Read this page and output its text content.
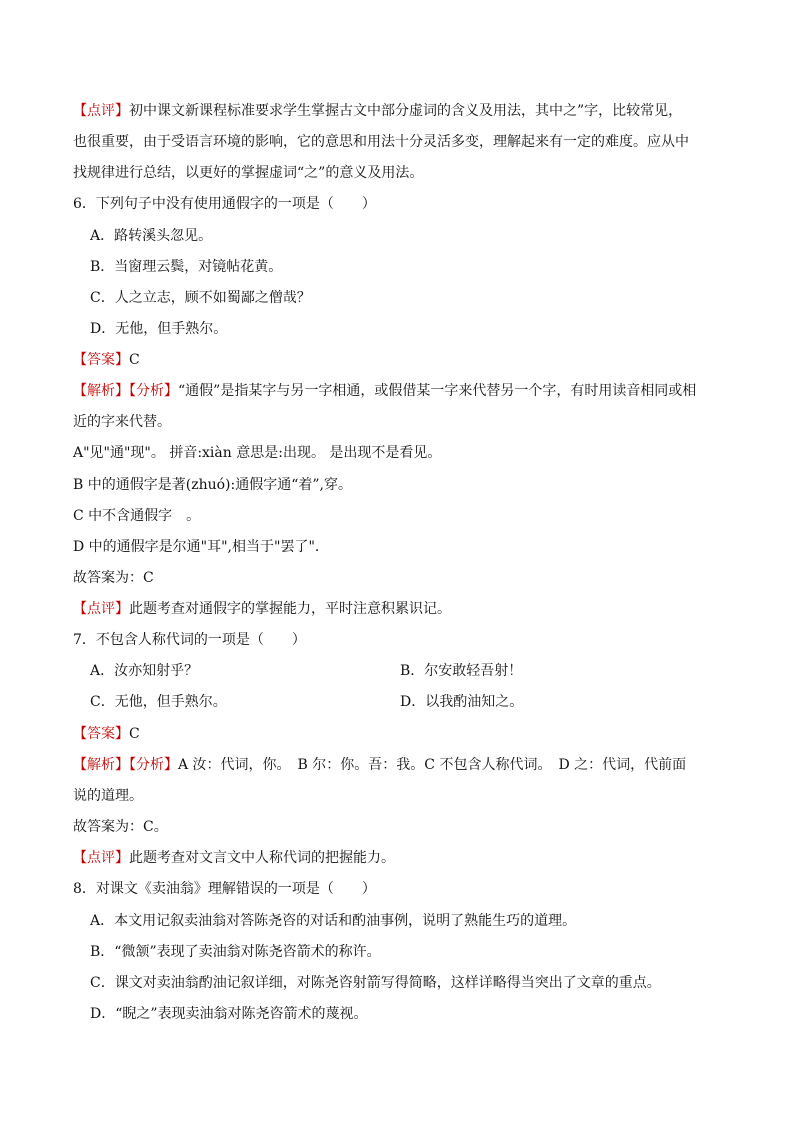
【点评】初中课文新课程标准要求学生掌握古文中部分虚词的含义及用法，其中之”字，比较常见，
也很重要，由于受语言环境的影响，它的意思和用法十分灵活多变，理解起来有一定的难度。应从中
找规律进行总结，以更好的掌握虚词“之”的意义及用法。
6．下列句子中没有使用通假字的一项是（　　）
A．路转溪头忽见。
B．当窗理云鬓，对镜帖花黄。
C．人之立志，顾不如蜀鄙之僧哉？
D．无他，但手熟尔。
【答案】C
【解析】【分析】“通假”是指某字与另一字相通，或假借某一字来代替另一个字，有时用读音相同或相
近的字来代替。
A"见"通"现"。 拼音:xiàn 意思是:出现。 是出现不是看见。
B 中的通假字是著(zhuó):通假字通“着”,穿。
C 中不含通假字　。
D 中的通假字是尔通"耳",相当于"罢了".
故答案为：C
【点评】此题考查对通假字的掌握能力，平时注意积累识记。
7．不包含人称代词的一项是（　　）
A．汝亦知射乎？	B．尔安敢轻吾射！
C．无他，但手熟尔。	D．以我酌油知之。
【答案】C
【解析】【分析】A 汝：代词，你。　B 尔：你。吾：我。C 不包含人称代词。　D 之：代词，代前面
说的道理。
故答案为：C。
【点评】此题考查对文言文中人称代词的把握能力。
8．对课文《卖油翁》理解错误的一项是（　　）
A．本文用记叙卖油翁对答陈尧咨的对话和酌油事例，说明了熟能生巧的道理。
B．“微颔”表现了卖油翁对陈尧咨箭术的称许。
C．课文对卖油翁酌油记叙详细，对陈尧咨射箭写得简略，这样详略得当突出了文章的重点。
D．“睨之”表现卖油翁对陈尧咨箭术的蔑视。
